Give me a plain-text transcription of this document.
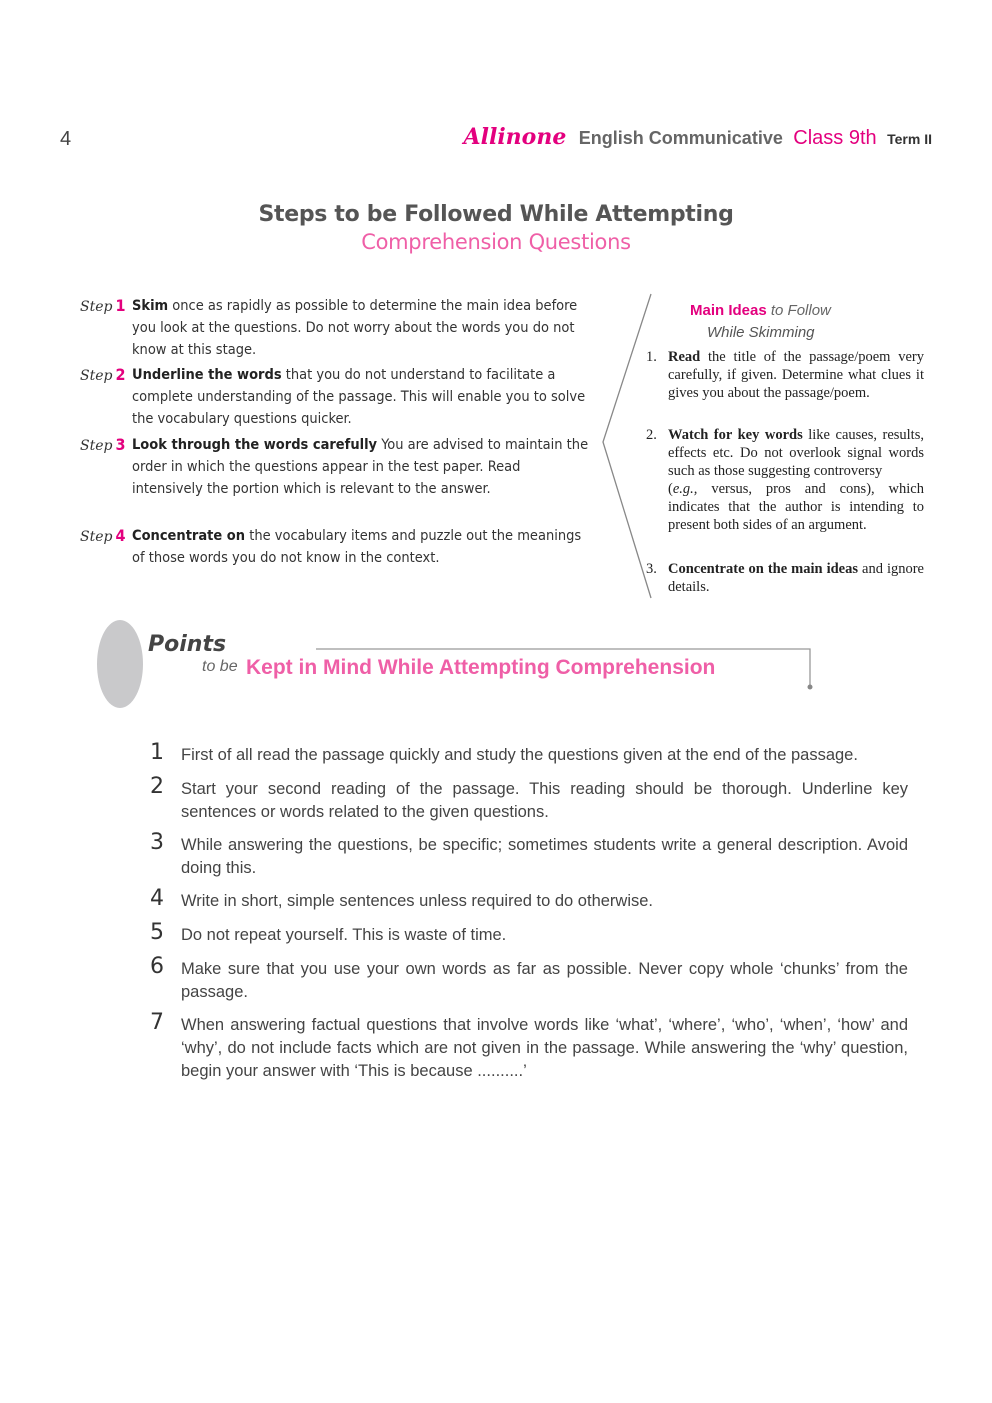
4	Allinone English Communicative Class 9th Term II
Steps to be Followed While Attempting
Comprehension Questions
Step 1 Skim once as rapidly as possible to determine the main idea before you look at the questions. Do not worry about the words you do not know at this stage.
Step 2 Underline the words that you do not understand to facilitate a complete understanding of the passage. This will enable you to solve the vocabulary questions quicker.
Step 3 Look through the words carefully You are advised to maintain the order in which the questions appear in the test paper. Read intensively the portion which is relevant to the answer.
Step 4 Concentrate on the vocabulary items and puzzle out the meanings of those words you do not know in the context.
Main Ideas to Follow
While Skimming
1. Read the title of the passage/poem very carefully, if given. Determine what clues it gives you about the passage/poem.
2. Watch for key words like causes, results, effects etc. Do not overlook signal words such as those suggesting controversy
(e.g., versus, pros and cons), which indicates that the author is intending to present both sides of an argument.
3. Concentrate on the main ideas and ignore details.
Points
to be Kept in Mind While Attempting Comprehension
1 First of all read the passage quickly and study the questions given at the end of the passage.
2 Start your second reading of the passage. This reading should be thorough. Underline key sentences or words related to the given questions.
3 While answering the questions, be specific; sometimes students write a general description. Avoid doing this.
4 Write in short, simple sentences unless required to do otherwise.
5 Do not repeat yourself. This is waste of time.
6 Make sure that you use your own words as far as possible. Never copy whole ‘chunks’ from the passage.
7 When answering factual questions that involve words like ‘what’, ‘where’, ‘who’, ‘when’, ‘how’ and ‘why’, do not include facts which are not given in the passage. While answering the ‘why’ question, begin your answer with ‘This is because ..........’
